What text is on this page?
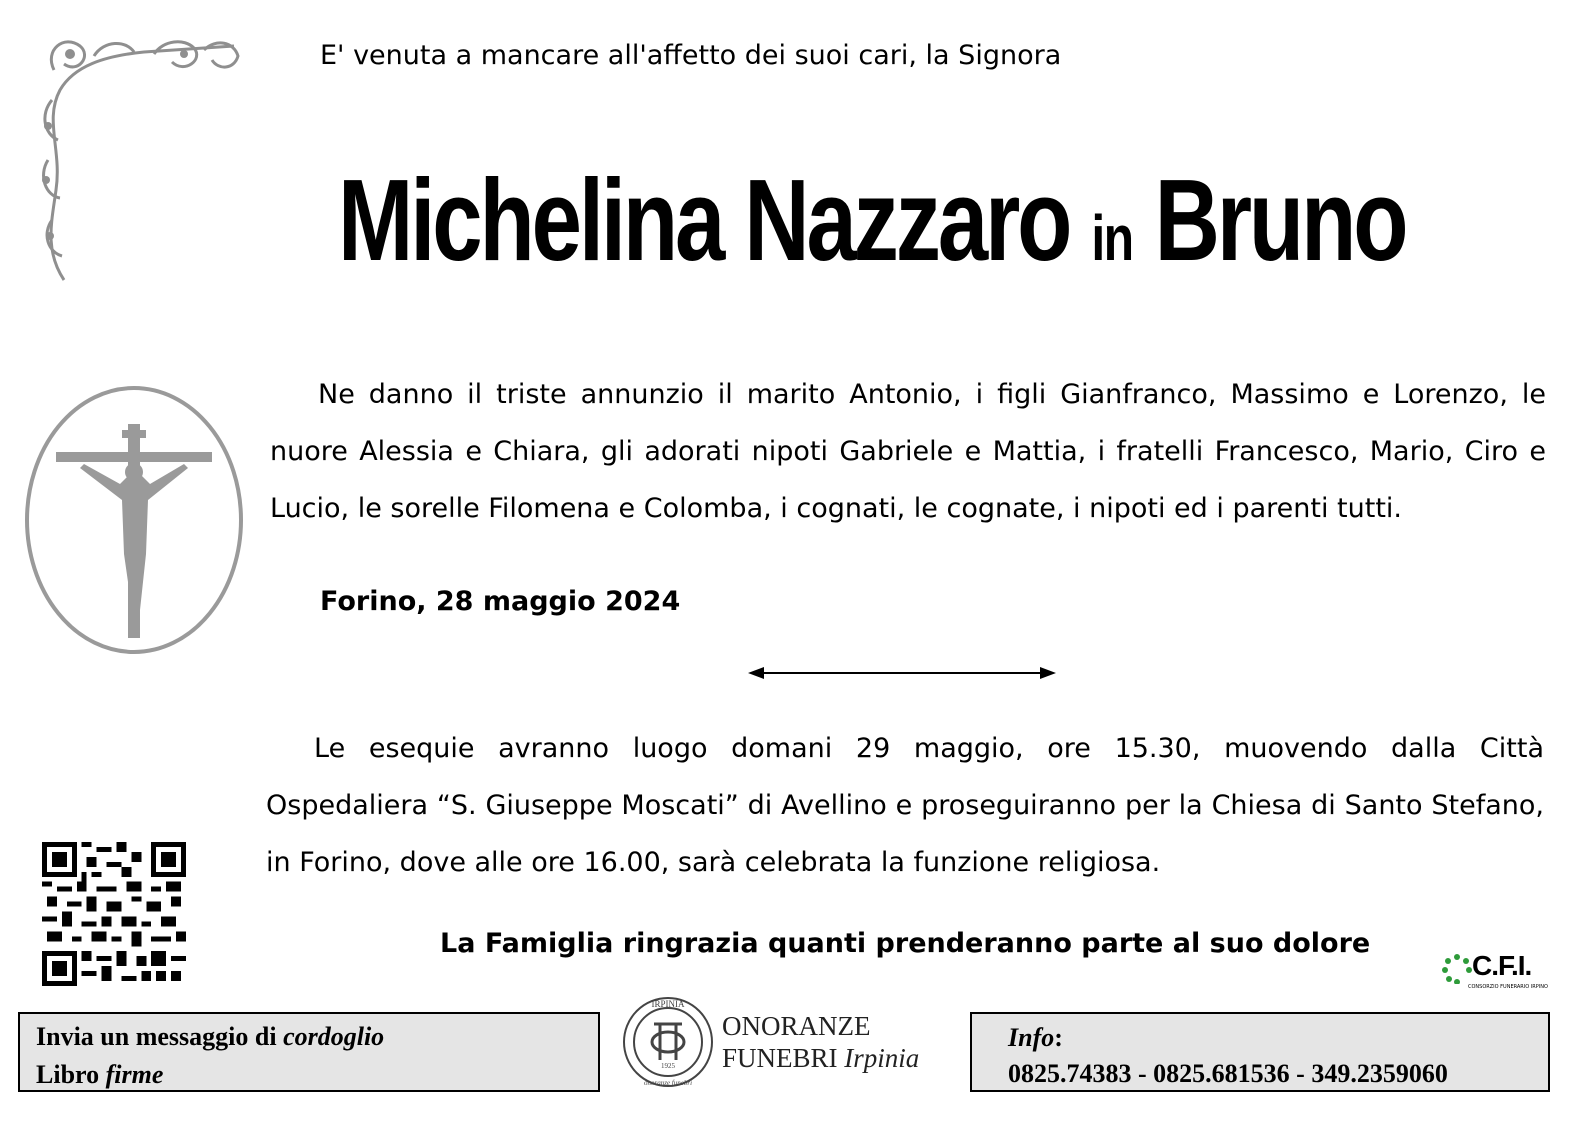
E' venuta a mancare all'affetto dei suoi cari, la Signora
Michelina Nazzaro in Bruno
Ne danno il triste annunzio il marito Antonio, i figli Gianfranco, Massimo e Lorenzo, le nuore Alessia e Chiara, gli adorati nipoti Gabriele e Mattia, i fratelli Francesco, Mario, Ciro e Lucio, le sorelle Filomena e Colomba, i cognati, le cognate, i nipoti ed i parenti tutti.
Forino, 28 maggio 2024
Le esequie avranno luogo domani 29 maggio, ore 15.30, muovendo dalla Città Ospedaliera “S. Giuseppe Moscati” di Avellino e proseguiranno per la Chiesa di Santo Stefano, in Forino, dove alle ore 16.00, sarà celebrata la funzione religiosa.
La Famiglia ringrazia quanti prenderanno parte al suo dolore
C.F.I.
CONSORZIO FUNERARIO IRPINO
Invia un messaggio di cordoglio
Libro firme
IRPINIA
1925
onoranze funebri
ONORANZE
FUNEBRI Irpinia
Info:
0825.74383 - 0825.681536 - 349.2359060
